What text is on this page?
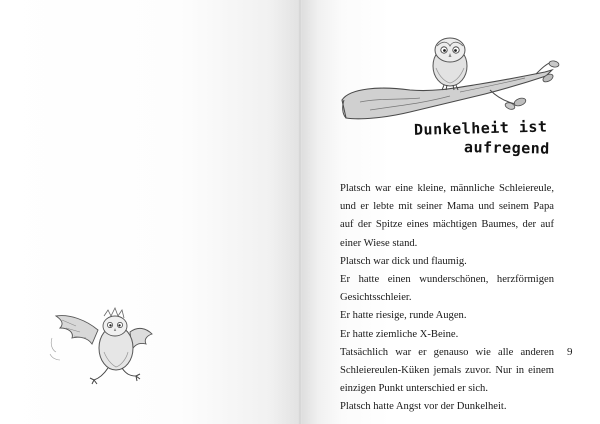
Dunkelheit ist
aufregend

Platsch war eine kleine, männliche Schleiereule, und er lebte mit seiner Mama und seinem Papa auf der Spitze eines mächtigen Baumes, der auf einer Wiese stand.

Platsch war dick und flaumig.

Er hatte einen wunderschönen, herzförmigen Gesichtsschleier.

Er hatte riesige, runde Augen.

Er hatte ziemliche X-Beine.

Tatsächlich war er genauso wie alle anderen Schleiereulen-Küken jemals zuvor. Nur in einem einzigen Punkt unterschied er sich.

Platsch hatte Angst vor der Dunkelheit.

9
